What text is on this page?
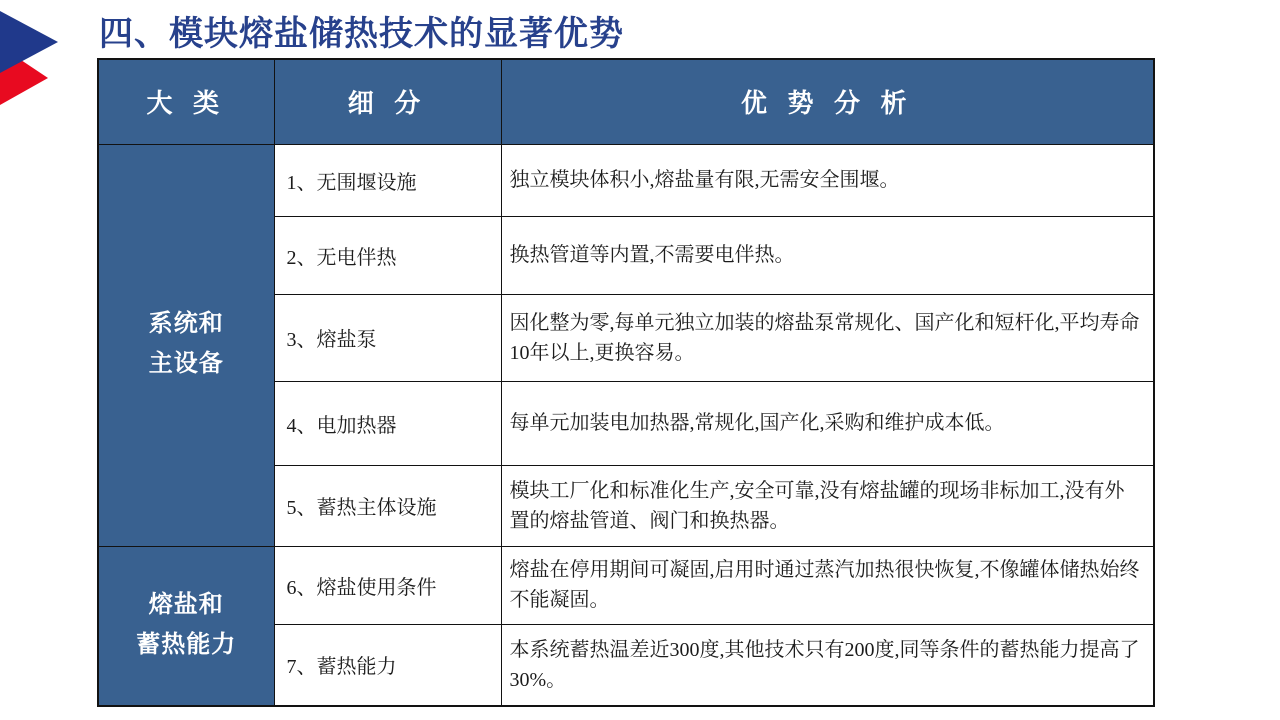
四、模块熔盐储热技术的显著优势
大 类	细 分	优 势 分 析
系统和
主设备	1、无围堰设施	独立模块体积小,熔盐量有限,无需安全围堰。
	2、无电伴热	换热管道等内置,不需要电伴热。
	3、熔盐泵	因化整为零,每单元独立加装的熔盐泵常规化、国产化和短杆化,平均寿命10年以上,更换容易。
	4、电加热器	每单元加装电加热器,常规化,国产化,采购和维护成本低。
	5、蓄热主体设施	模块工厂化和标准化生产,安全可靠,没有熔盐罐的现场非标加工,没有外置的熔盐管道、阀门和换热器。
熔盐和
蓄热能力	6、熔盐使用条件	熔盐在停用期间可凝固,启用时通过蒸汽加热很快恢复,不像罐体储热始终不能凝固。
	7、蓄热能力	本系统蓄热温差近300度,其他技术只有200度,同等条件的蓄热能力提高了30%。
